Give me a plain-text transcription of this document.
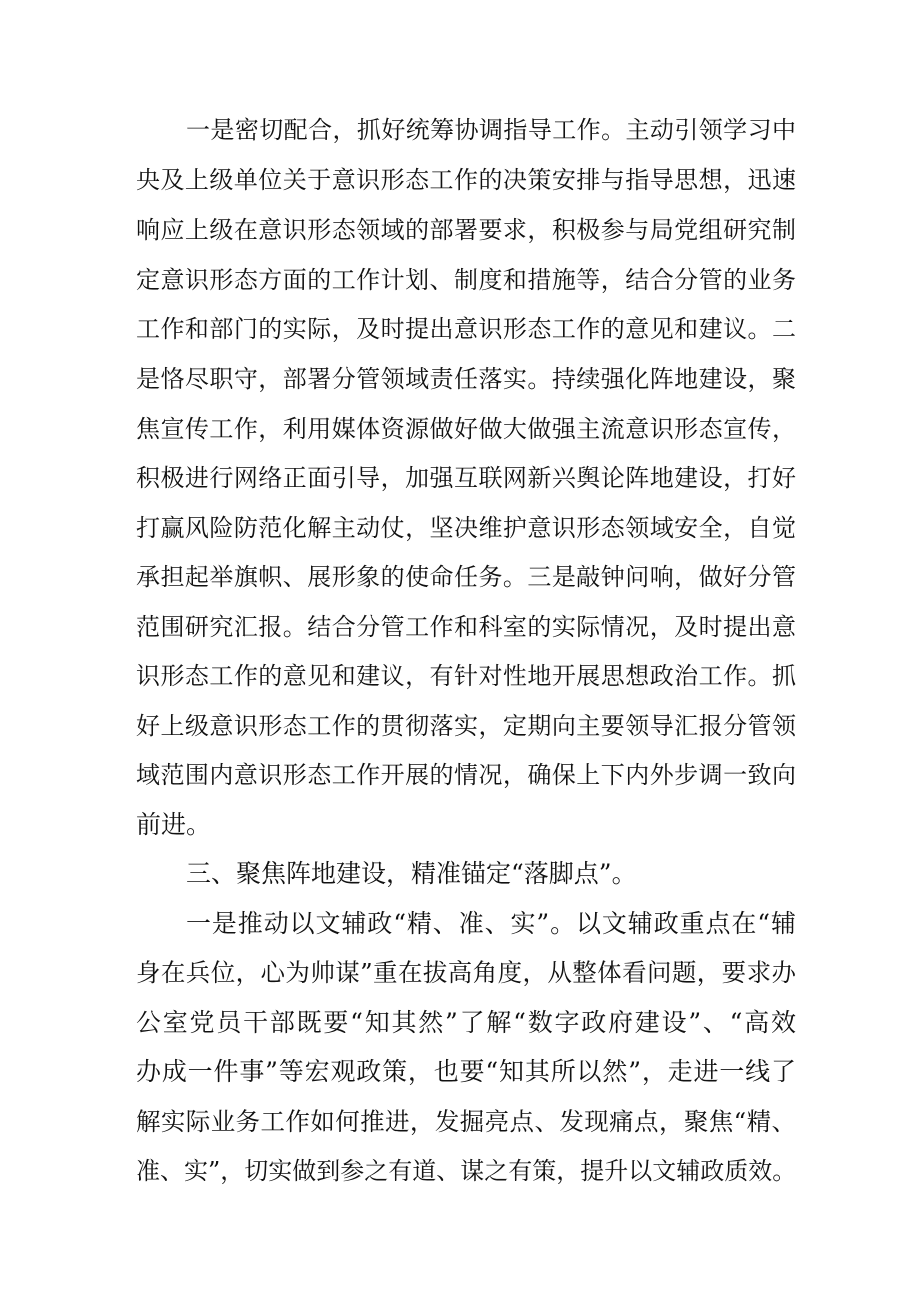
一是密切配合，抓好统筹协调指导工作。主动引领学习中

央及上级单位关于意识形态工作的决策安排与指导思想，迅速

响应上级在意识形态领域的部署要求，积极参与局党组研究制

定意识形态方面的工作计划、制度和措施等，结合分管的业务

工作和部门的实际，及时提出意识形态工作的意见和建议。二

是恪尽职守，部署分管领域责任落实。持续强化阵地建设，聚

焦宣传工作，利用媒体资源做好做大做强主流意识形态宣传，

积极进行网络正面引导，加强互联网新兴舆论阵地建设，打好

打赢风险防范化解主动仗，坚决维护意识形态领域安全，自觉

承担起举旗帜、展形象的使命任务。三是敲钟问响，做好分管

范围研究汇报。结合分管工作和科室的实际情况，及时提出意

识形态工作的意见和建议，有针对性地开展思想政治工作。抓

好上级意识形态工作的贯彻落实，定期向主要领导汇报分管领

域范围内意识形态工作开展的情况，确保上下内外步调一致向

前进。

三、聚焦阵地建设，精准锚定“落脚点”。

一是推动以文辅政“精、准、实”。以文辅政重点在“辅

身在兵位，心为帅谋”重在拔高角度，从整体看问题，要求办

公室党员干部既要“知其然”了解“数字政府建设”、“高效

办成一件事”等宏观政策，也要“知其所以然”，走进一线了

解实际业务工作如何推进，发掘亮点、发现痛点，聚焦“精、

准、实”，切实做到参之有道、谋之有策，提升以文辅政质效。
